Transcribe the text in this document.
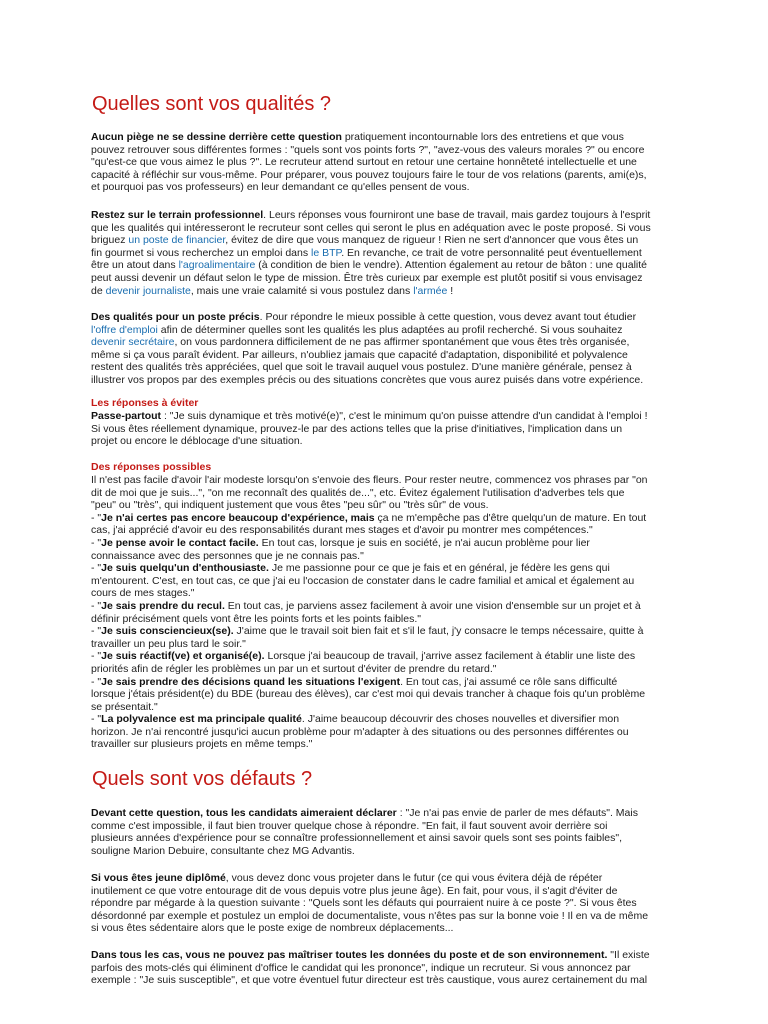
Quelles sont vos qualités ?
Aucun piège ne se dessine derrière cette question pratiquement incontournable lors des entretiens et que vous
pouvez retrouver sous différentes formes : "quels sont vos points forts ?", "avez-vous des valeurs morales ?" ou encore
"qu'est-ce que vous aimez le plus ?". Le recruteur attend surtout en retour une certaine honnêteté intellectuelle et une
capacité à réfléchir sur vous-même. Pour préparer, vous pouvez toujours faire le tour de vos relations (parents, ami(e)s,
et pourquoi pas vos professeurs) en leur demandant ce qu'elles pensent de vous.
Restez sur le terrain professionnel. Leurs réponses vous fourniront une base de travail, mais gardez toujours à l'esprit
que les qualités qui intéresseront le recruteur sont celles qui seront le plus en adéquation avec le poste proposé. Si vous
briguez un poste de financier, évitez de dire que vous manquez de rigueur ! Rien ne sert d'annoncer que vous êtes un
fin gourmet si vous recherchez un emploi dans le BTP. En revanche, ce trait de votre personnalité peut éventuellement
être un atout dans l'agroalimentaire (à condition de bien le vendre). Attention également au retour de bâton : une qualité
peut aussi devenir un défaut selon le type de mission. Être très curieux par exemple est plutôt positif si vous envisagez
de devenir journaliste, mais une vraie calamité si vous postulez dans l'armée !
Des qualités pour un poste précis. Pour répondre le mieux possible à cette question, vous devez avant tout étudier
l'offre d'emploi afin de déterminer quelles sont les qualités les plus adaptées au profil recherché. Si vous souhaitez
devenir secrétaire, on vous pardonnera difficilement de ne pas affirmer spontanément que vous êtes très organisée,
même si ça vous paraît évident. Par ailleurs, n'oubliez jamais que capacité d'adaptation, disponibilité et polyvalence
restent des qualités très appréciées, quel que soit le travail auquel vous postulez. D'une manière générale, pensez à
illustrer vos propos par des exemples précis ou des situations concrètes que vous aurez puisés dans votre expérience.
Les réponses à éviter
Passe-partout : "Je suis dynamique et très motivé(e)", c'est le minimum qu'on puisse attendre d'un candidat à l'emploi !
Si vous êtes réellement dynamique, prouvez-le par des actions telles que la prise d'initiatives, l'implication dans un
projet ou encore le déblocage d'une situation.
Des réponses possibles
Il n'est pas facile d'avoir l'air modeste lorsqu'on s'envoie des fleurs. Pour rester neutre, commencez vos phrases par "on
dit de moi que je suis...", "on me reconnaît des qualités de...", etc. Évitez également l'utilisation d'adverbes tels que
"peu" ou "très", qui indiquent justement que vous êtes "peu sûr" ou "très sûr" de vous.
- "Je n'ai certes pas encore beaucoup d'expérience, mais ça ne m'empêche pas d'être quelqu'un de mature. En tout
cas, j'ai apprécié d'avoir eu des responsabilités durant mes stages et d'avoir pu montrer mes compétences."
- "Je pense avoir le contact facile. En tout cas, lorsque je suis en société, je n'ai aucun problème pour lier
connaissance avec des personnes que je ne connais pas."
- "Je suis quelqu'un d'enthousiaste. Je me passionne pour ce que je fais et en général, je fédère les gens qui
m'entourent. C'est, en tout cas, ce que j'ai eu l'occasion de constater dans le cadre familial et amical et également au
cours de mes stages."
- "Je sais prendre du recul. En tout cas, je parviens assez facilement à avoir une vision d'ensemble sur un projet et à
définir précisément quels vont être les points forts et les points faibles."
- "Je suis consciencieux(se). J'aime que le travail soit bien fait et s'il le faut, j'y consacre le temps nécessaire, quitte à
travailler un peu plus tard le soir."
- "Je suis réactif(ve) et organisé(e). Lorsque j'ai beaucoup de travail, j'arrive assez facilement à établir une liste des
priorités afin de régler les problèmes un par un et surtout d'éviter de prendre du retard."
- "Je sais prendre des décisions quand les situations l'exigent. En tout cas, j'ai assumé ce rôle sans difficulté
lorsque j'étais président(e) du BDE (bureau des élèves), car c'est moi qui devais trancher à chaque fois qu'un problème
se présentait."
- "La polyvalence est ma principale qualité. J'aime beaucoup découvrir des choses nouvelles et diversifier mon
horizon. Je n'ai rencontré jusqu'ici aucun problème pour m'adapter à des situations ou des personnes différentes ou
travailler sur plusieurs projets en même temps."
Quels sont vos défauts ?
Devant cette question, tous les candidats aimeraient déclarer : "Je n'ai pas envie de parler de mes défauts". Mais
comme c'est impossible, il faut bien trouver quelque chose à répondre. "En fait, il faut souvent avoir derrière soi
plusieurs années d'expérience pour se connaître professionnellement et ainsi savoir quels sont ses points faibles",
souligne Marion Debuire, consultante chez MG Advantis.
Si vous êtes jeune diplômé, vous devez donc vous projeter dans le futur (ce qui vous évitera déjà de répéter
inutilement ce que votre entourage dit de vous depuis votre plus jeune âge). En fait, pour vous, il s'agit d'éviter de
répondre par mégarde à la question suivante : "Quels sont les défauts qui pourraient nuire à ce poste ?". Si vous êtes
désordonné par exemple et postulez un emploi de documentaliste, vous n'êtes pas sur la bonne voie ! Il en va de même
si vous êtes sédentaire alors que le poste exige de nombreux déplacements...
Dans tous les cas, vous ne pouvez pas maîtriser toutes les données du poste et de son environnement. "Il existe
parfois des mots-clés qui éliminent d'office le candidat qui les prononce", indique un recruteur. Si vous annoncez par
exemple : "Je suis susceptible", et que votre éventuel futur directeur est très caustique, vous aurez certainement du mal
